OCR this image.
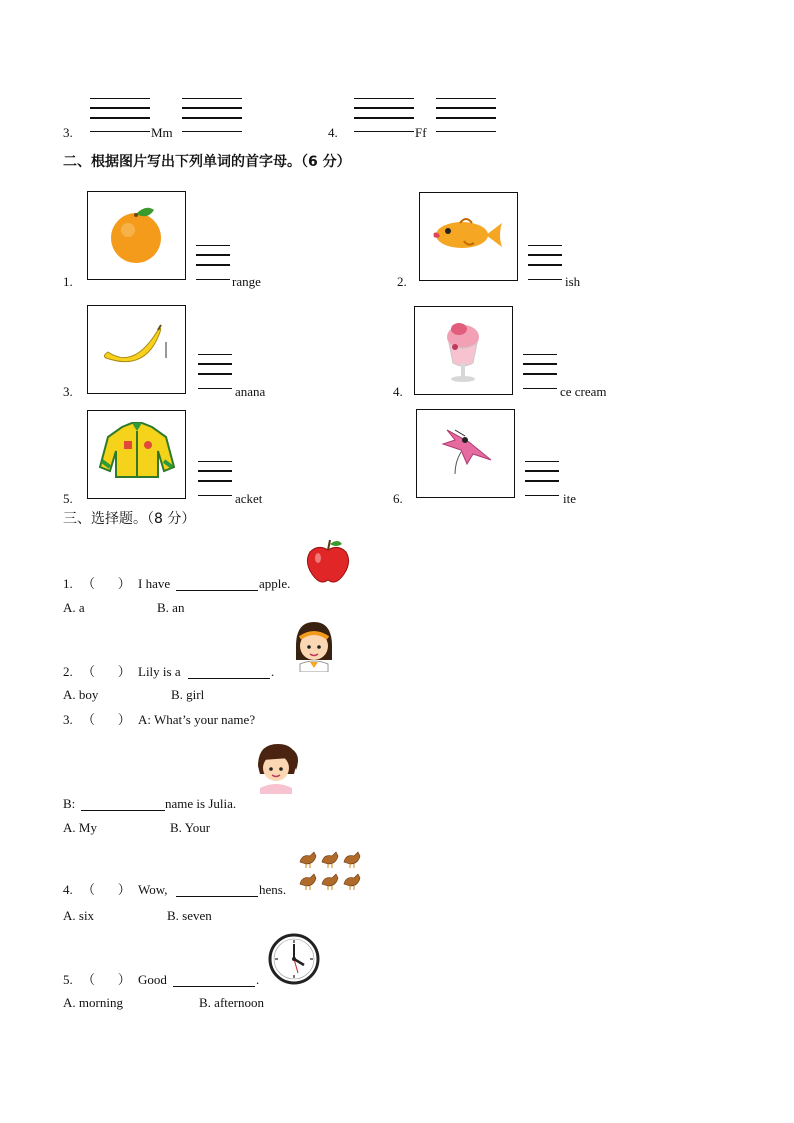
3.	Mm	4.	Ff
二、根据图片写出下列单词的首字母。（6 分）
1.	range	2.	ish
3.	anana	4.	ce cream
5.	acket	6.	ite
三、选择题。（8 分）
1. （       ） I have	apple.
A. a	B. an
2. （       ） Lily is a	.
A. boy	B. girl
3. （       ） A: What’s your name?
B:	name is Julia.
A. My	B. Your
4. （       ） Wow,	hens.
A. six	B. seven
5. （       ） Good	.
A. morning	B. afternoon
